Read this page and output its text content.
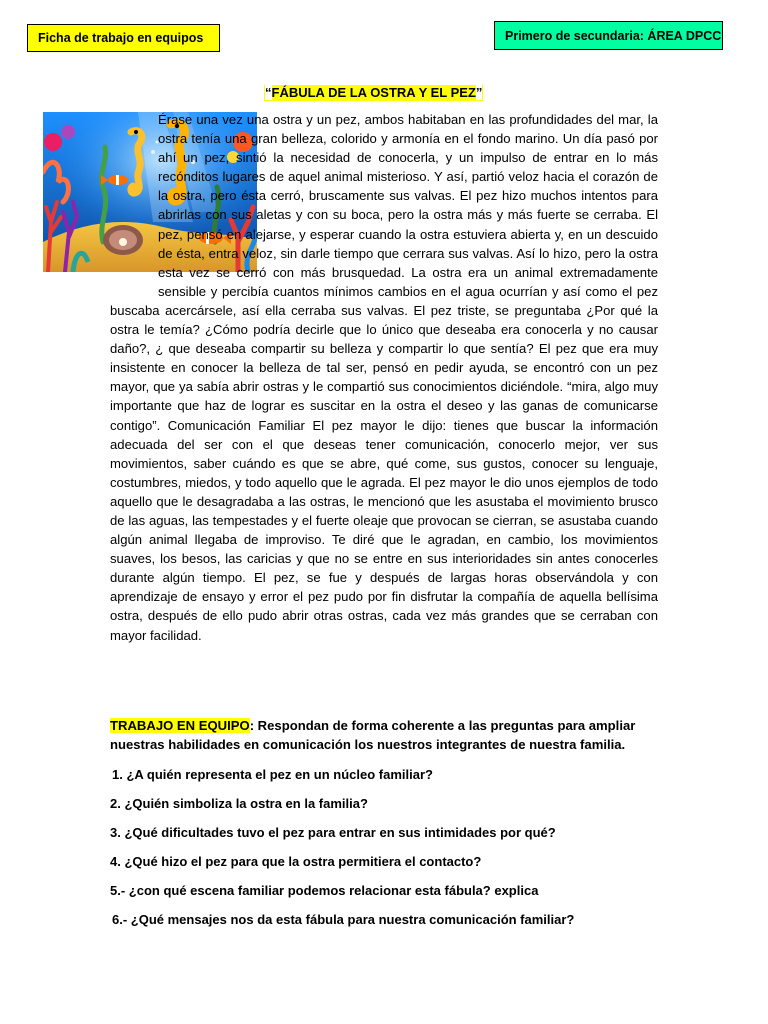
Ficha de trabajo en equipos	Primero de secundaria: ÁREA DPCC
“FÁBULA DE LA OSTRA Y EL PEZ”
Érase una vez una ostra y un pez, ambos habitaban en las profundidades del mar, la ostra tenía una gran belleza, colorido y armonía en el fondo marino. Un día pasó por ahí un pez, sintió la necesidad de conocerla, y un impulso de entrar en lo más recónditos lugares de aquel animal misterioso. Y así, partió veloz hacia el corazón de la ostra, pero ésta cerró, bruscamente sus valvas. El pez hizo muchos intentos para abrirlas con sus aletas y con su boca, pero la ostra más y más fuerte se cerraba. El pez, pensó en alejarse, y esperar cuando la ostra estuviera abierta y, en un descuido de ésta, entra veloz, sin darle tiempo que cerrara sus valvas. Así lo hizo, pero la ostra esta vez se cerró con más brusquedad. La ostra era un animal extremadamente sensible y percibía cuantos mínimos cambios en el agua ocurrían y así como el pez buscaba acercársele, así ella cerraba sus valvas. El pez triste, se preguntaba ¿Por qué la ostra le temía? ¿Cómo podría decirle que lo único que deseaba era conocerla y no causar daño?, ¿ que deseaba compartir su belleza y compartir lo que sentía? El pez que era muy insistente en conocer la belleza de tal ser, pensó en pedir ayuda, se encontró con un pez mayor, que ya sabía abrir ostras y le compartió sus conocimientos diciéndole. “mira, algo muy importante que haz de lograr es suscitar en la ostra el deseo y las ganas de comunicarse contigo”. Comunicación Familiar El pez mayor le dijo: tienes que buscar la información adecuada del ser con el que deseas tener comunicación, conocerlo mejor, ver sus movimientos, saber cuándo es que se abre, qué come, sus gustos, conocer su lenguaje, costumbres, miedos, y todo aquello que le agrada. El pez mayor le dio unos ejemplos de todo aquello que le desagradaba a las ostras, le mencionó que les asustaba el movimiento brusco de las aguas, las tempestades y el fuerte oleaje que provocan se cierran, se asustaba cuando algún animal llegaba de improviso. Te diré que le agradan, en cambio, los movimientos suaves, los besos, las caricias y que no se entre en sus interioridades sin antes conocerles durante algún tiempo. El pez, se fue y después de largas horas observándola y con aprendizaje de ensayo y error el pez pudo por fin disfrutar la compañía de aquella bellísima ostra, después de ello pudo abrir otras ostras, cada vez más grandes que se cerraban con mayor facilidad.
TRABAJO EN EQUIPO: Respondan de forma coherente a las preguntas para ampliar nuestras habilidades en comunicación los nuestros integrantes de nuestra familia.
1. ¿A quién representa el pez en un núcleo familiar?
2. ¿Quién simboliza la ostra en la familia?
3. ¿Qué dificultades tuvo el pez para entrar en sus intimidades por qué?
4. ¿Qué hizo el pez para que la ostra permitiera el contacto?
5.- ¿con qué escena familiar podemos relacionar esta fábula? explica
6.- ¿Qué mensajes nos da esta fábula para nuestra comunicación familiar?
